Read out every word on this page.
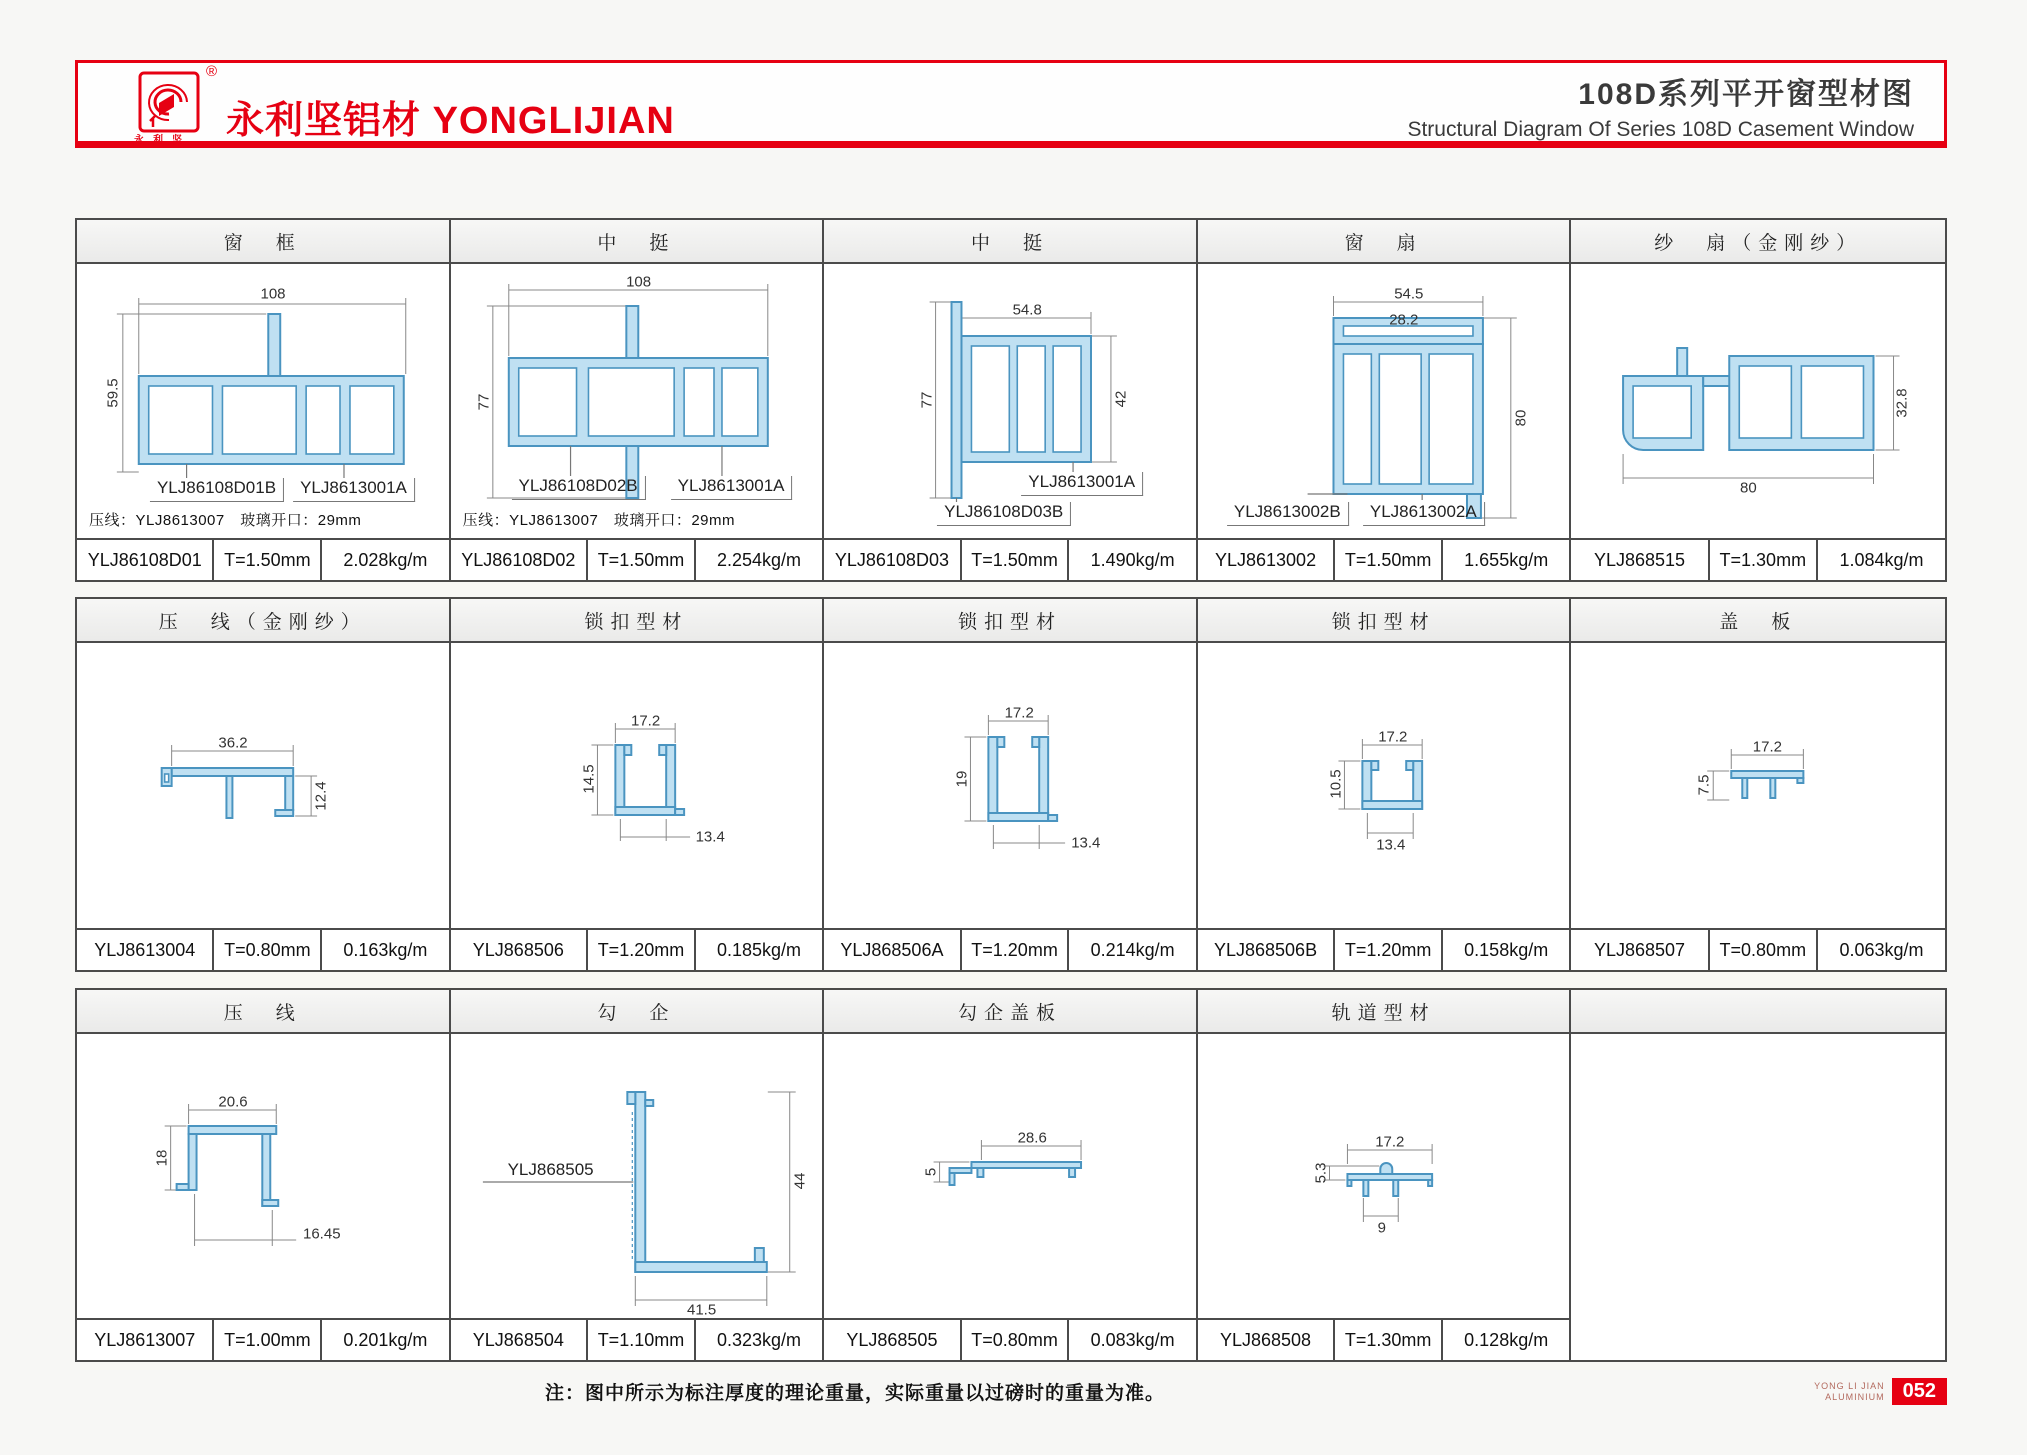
®
永利坚 永利坚铝材 YONGLIJIAN
108D系列平开窗型材图
Structural Diagram Of Series 108D Casement Window
窗　框
108
59.5
YLJ86108D01B	YLJ8613001A
压线：YLJ8613007　玻璃开口：29mm
YLJ86108D01	T=1.50mm	2.028kg/m
中　挺
108
77
YLJ86108D02B	YLJ8613001A
压线：YLJ8613007　玻璃开口：29mm
YLJ86108D02	T=1.50mm	2.254kg/m
中　挺
54.8
77	42
YLJ8613001A
YLJ86108D03B
YLJ86108D03	T=1.50mm	1.490kg/m
窗　扇
54.5
28.2
80
YLJ8613002B	YLJ8613002A
YLJ8613002	T=1.50mm	1.655kg/m
纱　扇（金刚纱）
80
32.8
YLJ868515	T=1.30mm	1.084kg/m
压　线（金刚纱）
36.2
12.4
YLJ8613004	T=0.80mm	0.163kg/m
锁扣型材
17.2
14.5
13.4
YLJ868506	T=1.20mm	0.185kg/m
锁扣型材
17.2
19
13.4
YLJ868506A	T=1.20mm	0.214kg/m
锁扣型材
17.2
10.5
13.4
YLJ868506B	T=1.20mm	0.158kg/m
盖　板
17.2
7.5
YLJ868507	T=0.80mm	0.063kg/m
压　线
20.6
18
16.45
YLJ8613007	T=1.00mm	0.201kg/m
勾　企
YLJ868505
44
41.5
YLJ868504	T=1.10mm	0.323kg/m
勾企盖板
28.6
5
YLJ868505	T=0.80mm	0.083kg/m
轨道型材
17.2
5.3
9
YLJ868508	T=1.30mm	0.128kg/m
注：图中所示为标注厚度的理论重量，实际重量以过磅时的重量为准。	YONG LI JIAN
ALUMINIUM 052
